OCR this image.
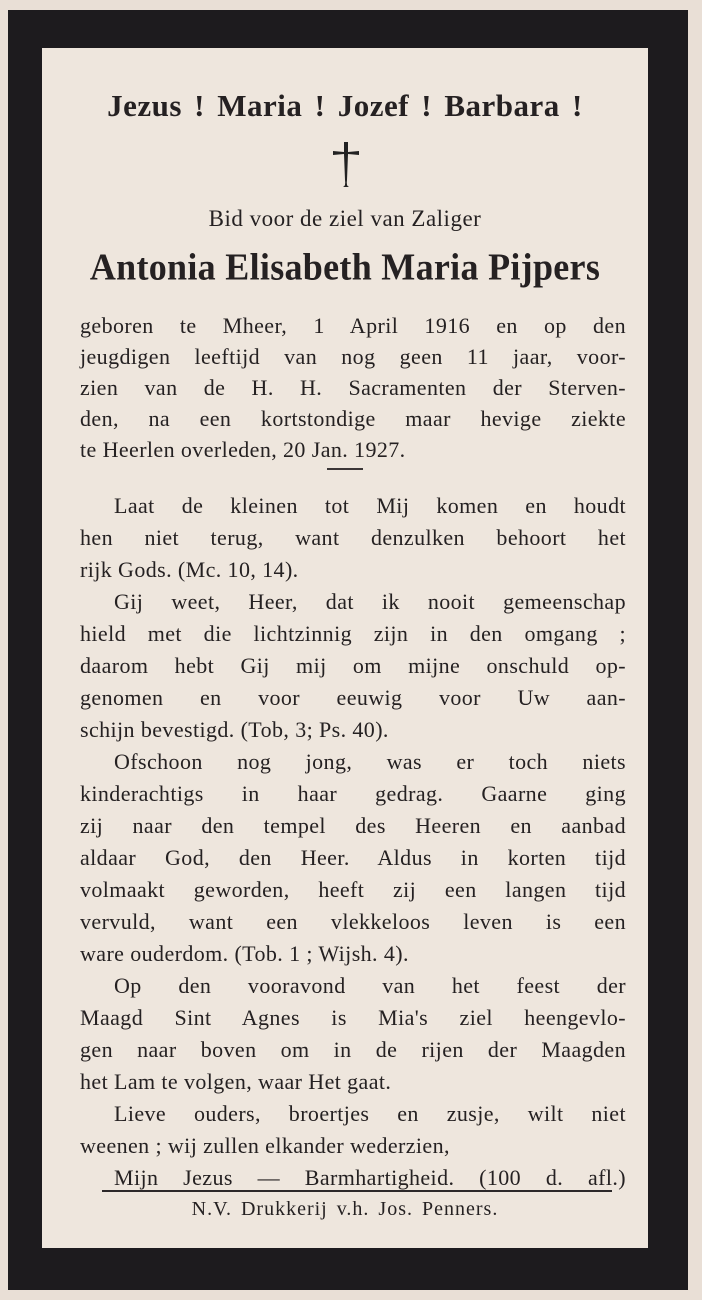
Jezus ! Maria ! Jozef ! Barbara !
Bid voor de ziel van Zaliger
Antonia Elisabeth Maria Pijpers
geboren te Mheer, 1 April 1916 en op den
jeugdigen leeftijd van nog geen 11 jaar, voor-
zien van de H. H. Sacramenten der Sterven-
den, na een kortstondige maar hevige ziekte
te Heerlen overleden, 20 Jan. 1927.
Laat de kleinen tot Mij komen en houdt
hen niet terug, want denzulken behoort het
rijk Gods. (Mc. 10, 14).
Gij weet, Heer, dat ik nooit gemeenschap
hield met die lichtzinnig zijn in den omgang ;
daarom hebt Gij mij om mijne onschuld op-
genomen en voor eeuwig voor Uw aan-
schijn bevestigd. (Tob, 3; Ps. 40).
Ofschoon nog jong, was er toch niets
kinderachtigs in haar gedrag. Gaarne ging
zij naar den tempel des Heeren en aanbad
aldaar God, den Heer. Aldus in korten tijd
volmaakt geworden, heeft zij een langen tijd
vervuld, want een vlekkeloos leven is een
ware ouderdom. (Tob. 1 ; Wijsh. 4).
Op den vooravond van het feest der
Maagd Sint Agnes is Mia's ziel heengevlo-
gen naar boven om in de rijen der Maagden
het Lam te volgen, waar Het gaat.
Lieve ouders, broertjes en zusje, wilt niet
weenen ; wij zullen elkander wederzien,
Mijn Jezus — Barmhartigheid. (100 d. afl.)
N.V. Drukkerij v.h. Jos. Penners.
